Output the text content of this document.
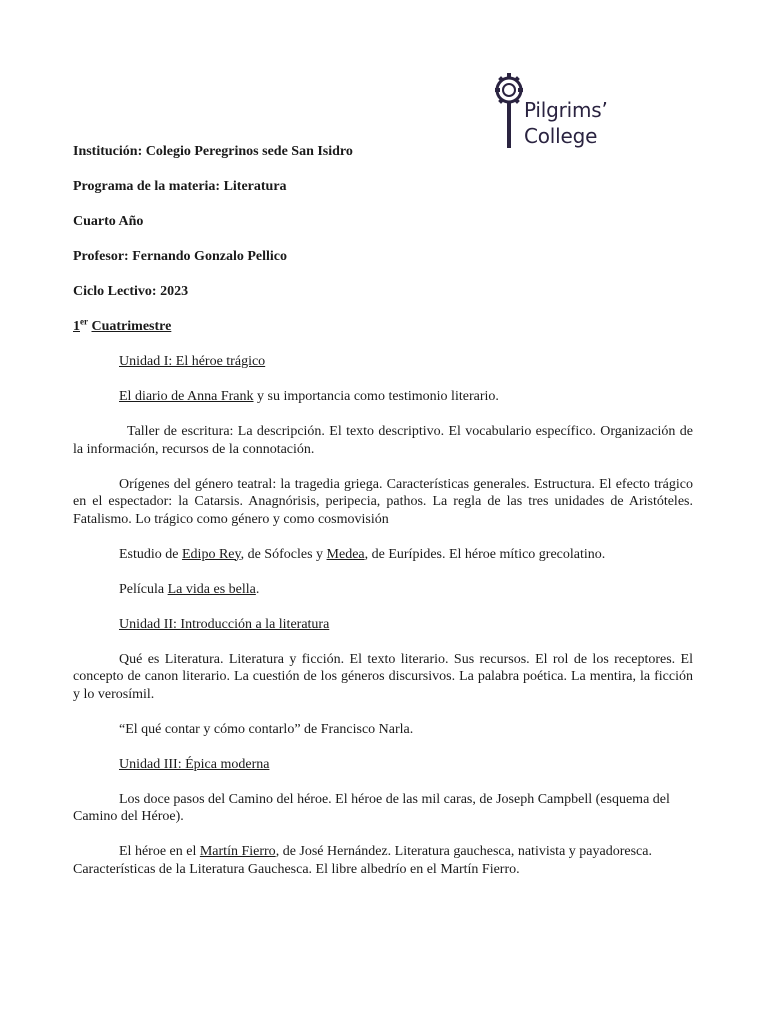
Pilgrims’
College

Institución: Colegio Peregrinos sede San Isidro

Programa de la materia: Literatura

Cuarto Año

Profesor: Fernando Gonzalo Pellico

Ciclo Lectivo: 2023

1er Cuatrimestre

Unidad I: El héroe trágico

El diario de Anna Frank y su importancia como testimonio literario.

Taller de escritura: La descripción. El texto descriptivo. El vocabulario específico. Organización de la información, recursos de la connotación.

Orígenes del género teatral: la tragedia griega. Características generales. Estructura. El efecto trágico en el espectador: la Catarsis. Anagnórisis, peripecia, pathos. La regla de las tres unidades de Aristóteles. Fatalismo. Lo trágico como género y como cosmovisión

Estudio de Edipo Rey, de Sófocles y Medea, de Eurípides. El héroe mítico grecolatino.

Película La vida es bella.

Unidad II: Introducción a la literatura

Qué es Literatura. Literatura y ficción. El texto literario. Sus recursos. El rol de los receptores. El concepto de canon literario. La cuestión de los géneros discursivos. La palabra poética. La mentira, la ficción y lo verosímil.

“El qué contar y cómo contarlo” de Francisco Narla.

Unidad III: Épica moderna

Los doce pasos del Camino del héroe. El héroe de las mil caras, de Joseph Campbell (esquema del Camino del Héroe).

El héroe en el Martín Fierro, de José Hernández. Literatura gauchesca, nativista y payadoresca. Características de la Literatura Gauchesca. El libre albedrío en el Martín Fierro.
